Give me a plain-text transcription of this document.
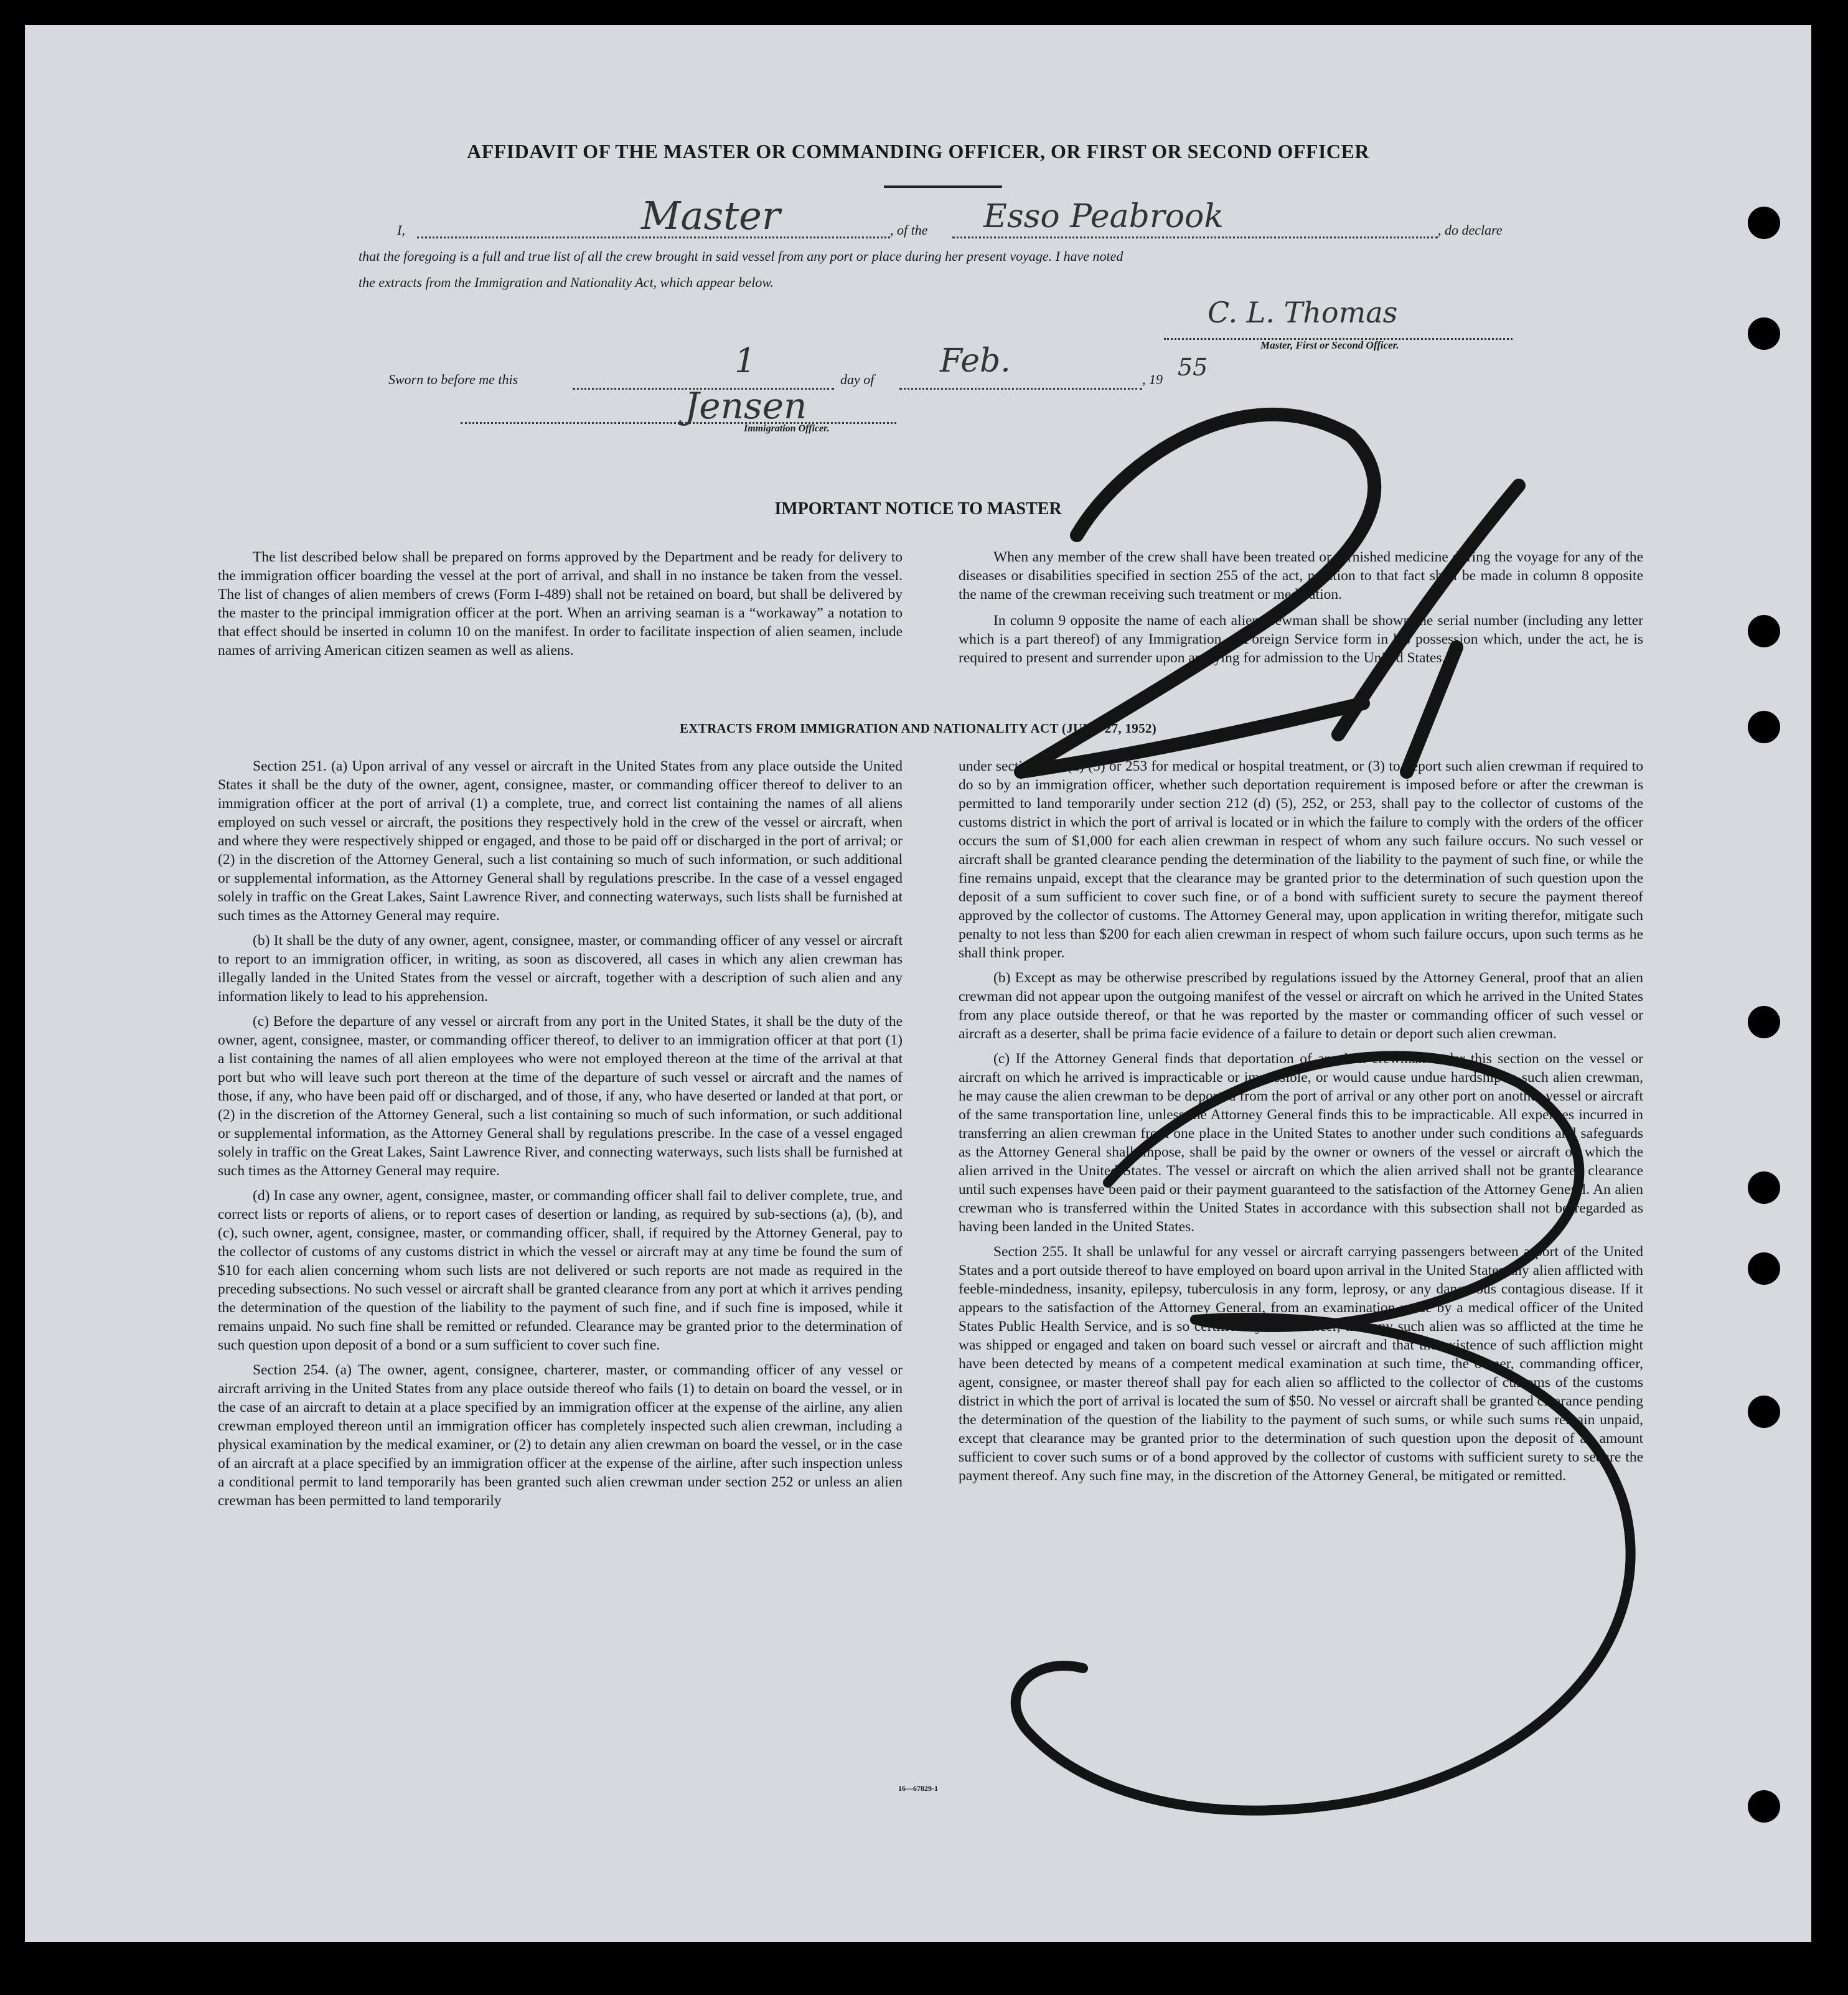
AFFIDAVIT OF THE MASTER OR COMMANDING OFFICER, OR FIRST OR SECOND OFFICER
I,	Master	, of the Esso Peabrook	, do declare
that the foregoing is a full and true list of all the crew brought in said vessel from any port or place during her present voyage. I have noted
the extracts from the Immigration and Nationality Act, which appear below.
C. L. Thomas
Master, First or Second Officer.
Sworn to before me this	1	day of Feb.	, 19 55
Jensen
Immigration Officer.
IMPORTANT NOTICE TO MASTER

The list described below shall be prepared on forms approved by the Department and be ready for delivery to the immigration officer boarding the vessel at the port of arrival, and shall in no instance be taken from the vessel. The list of changes of alien members of crews (Form I-489) shall not be retained on board, but shall be delivered by the master to the principal immigration officer at the port. When an arriving seaman is a “workaway” a notation to that effect should be inserted in column 10 on the manifest. In order to facilitate inspection of alien seamen, include names of arriving American citizen seamen as well as aliens.

When any member of the crew shall have been treated or furnished medicine during the voyage for any of the diseases or disabilities specified in section 255 of the act, notation to that fact shall be made in column 8 opposite the name of the crewman receiving such treatment or medication.

In column 9 opposite the name of each alien crewman shall be shown the serial number (including any letter which is a part thereof) of any Immigration or Foreign Service form in his possession which, under the act, he is required to present and surrender upon applying for admission to the United States.

EXTRACTS FROM IMMIGRATION AND NATIONALITY ACT (JUNE 27, 1952)

Section 251. (a) Upon arrival of any vessel or aircraft in the United States from any place outside the United States it shall be the duty of the owner, agent, consignee, master, or commanding officer thereof to deliver to an immigration officer at the port of arrival (1) a complete, true, and correct list containing the names of all aliens employed on such vessel or aircraft, the positions they respectively hold in the crew of the vessel or aircraft, when and where they were respectively shipped or engaged, and those to be paid off or discharged in the port of arrival; or (2) in the discretion of the Attorney General, such a list containing so much of such information, or such additional or supplemental information, as the Attorney General shall by regulations prescribe. In the case of a vessel engaged solely in traffic on the Great Lakes, Saint Lawrence River, and connecting waterways, such lists shall be furnished at such times as the Attorney General may require.

(b) It shall be the duty of any owner, agent, consignee, master, or commanding officer of any vessel or aircraft to report to an immigration officer, in writing, as soon as discovered, all cases in which any alien crewman has illegally landed in the United States from the vessel or aircraft, together with a description of such alien and any information likely to lead to his apprehension.

(c) Before the departure of any vessel or aircraft from any port in the United States, it shall be the duty of the owner, agent, consignee, master, or commanding officer thereof, to deliver to an immigration officer at that port (1) a list containing the names of all alien employees who were not employed thereon at the time of the arrival at that port but who will leave such port thereon at the time of the departure of such vessel or aircraft and the names of those, if any, who have been paid off or discharged, and of those, if any, who have deserted or landed at that port, or (2) in the discretion of the Attorney General, such a list containing so much of such information, or such additional or supplemental information, as the Attorney General shall by regulations prescribe. In the case of a vessel engaged solely in traffic on the Great Lakes, Saint Lawrence River, and connecting waterways, such lists shall be furnished at such times as the Attorney General may require.

(d) In case any owner, agent, consignee, master, or commanding officer shall fail to deliver complete, true, and correct lists or reports of aliens, or to report cases of desertion or landing, as required by sub-sections (a), (b), and (c), such owner, agent, consignee, master, or commanding officer, shall, if required by the Attorney General, pay to the collector of customs of any customs district in which the vessel or aircraft may at any time be found the sum of $10 for each alien concerning whom such lists are not delivered or such reports are not made as required in the preceding subsections. No such vessel or aircraft shall be granted clearance from any port at which it arrives pending the determination of the question of the liability to the payment of such fine, and if such fine is imposed, while it remains unpaid. No such fine shall be remitted or refunded. Clearance may be granted prior to the determination of such question upon deposit of a bond or a sum sufficient to cover such fine.

Section 254. (a) The owner, agent, consignee, charterer, master, or commanding officer of any vessel or aircraft arriving in the United States from any place outside thereof who fails (1) to detain on board the vessel, or in the case of an aircraft to detain at a place specified by an immigration officer at the expense of the airline, any alien crewman employed thereon until an immigration officer has completely inspected such alien crewman, including a physical examination by the medical examiner, or (2) to detain any alien crewman on board the vessel, or in the case of an aircraft at a place specified by an immigration officer at the expense of the airline, after such inspection unless a conditional permit to land temporarily has been granted such alien crewman under section 252 or unless an alien crewman has been permitted to land temporarily

under section 212 (d) (5) or 253 for medical or hospital treatment, or (3) to deport such alien crewman if required to do so by an immigration officer, whether such deportation requirement is imposed before or after the crewman is permitted to land temporarily under section 212 (d) (5), 252, or 253, shall pay to the collector of customs of the customs district in which the port of arrival is located or in which the failure to comply with the orders of the officer occurs the sum of $1,000 for each alien crewman in respect of whom any such failure occurs. No such vessel or aircraft shall be granted clearance pending the determination of the liability to the payment of such fine, or while the fine remains unpaid, except that the clearance may be granted prior to the determination of such question upon the deposit of a sum sufficient to cover such fine, or of a bond with sufficient surety to secure the payment thereof approved by the collector of customs. The Attorney General may, upon application in writing therefor, mitigate such penalty to not less than $200 for each alien crewman in respect of whom such failure occurs, upon such terms as he shall think proper.

(b) Except as may be otherwise prescribed by regulations issued by the Attorney General, proof that an alien crewman did not appear upon the outgoing manifest of the vessel or aircraft on which he arrived in the United States from any place outside thereof, or that he was reported by the master or commanding officer of such vessel or aircraft as a deserter, shall be prima facie evidence of a failure to detain or deport such alien crewman.

(c) If the Attorney General finds that deportation of an alien crewman under this section on the vessel or aircraft on which he arrived is impracticable or impossible, or would cause undue hardship to such alien crewman, he may cause the alien crewman to be deported from the port of arrival or any other port on another vessel or aircraft of the same transportation line, unless the Attorney General finds this to be impracticable. All expenses incurred in transferring an alien crewman from one place in the United States to another under such conditions and safeguards as the Attorney General shall impose, shall be paid by the owner or owners of the vessel or aircraft on which the alien arrived in the United States. The vessel or aircraft on which the alien arrived shall not be granted clearance until such expenses have been paid or their payment guaranteed to the satisfaction of the Attorney General. An alien crewman who is transferred within the United States in accordance with this subsection shall not be regarded as having been landed in the United States.

Section 255. It shall be unlawful for any vessel or aircraft carrying passengers between a port of the United States and a port outside thereof to have employed on board upon arrival in the United States any alien afflicted with feeble-mindedness, insanity, epilepsy, tuberculosis in any form, leprosy, or any dangerous contagious disease. If it appears to the satisfaction of the Attorney General, from an examination made by a medical officer of the United States Public Health Service, and is so certified by such officer, that any such alien was so afflicted at the time he was shipped or engaged and taken on board such vessel or aircraft and that the existence of such affliction might have been detected by means of a competent medical examination at such time, the owner, commanding officer, agent, consignee, or master thereof shall pay for each alien so afflicted to the collector of customs of the customs district in which the port of arrival is located the sum of $50. No vessel or aircraft shall be granted clearance pending the determination of the question of the liability to the payment of such sums, or while such sums remain unpaid, except that clearance may be granted prior to the determination of such question upon the deposit of an amount sufficient to cover such sums or of a bond approved by the collector of customs with sufficient surety to secure the payment thereof. Any such fine may, in the discretion of the Attorney General, be mitigated or remitted.

16—67829-1
